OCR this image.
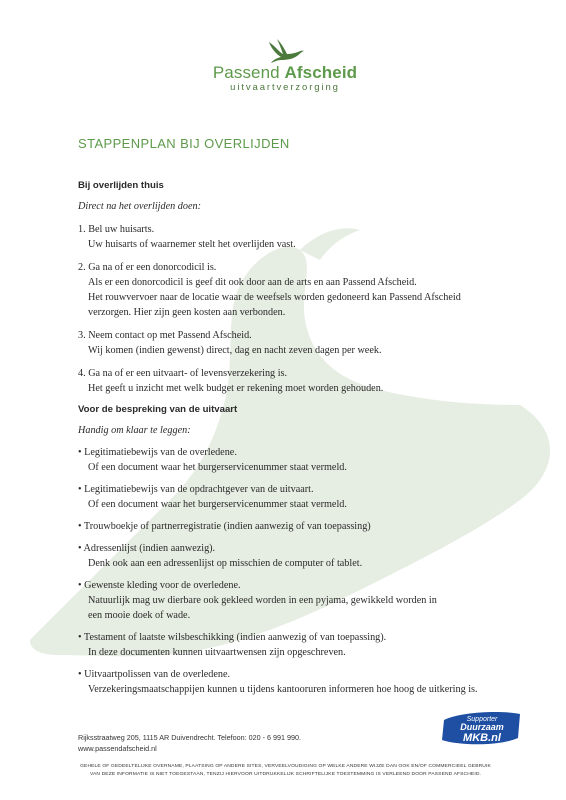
Passend Afscheid
uitvaartverzorging
STAPPENPLAN BIJ OVERLIJDEN

Bij overlijden thuis

Direct na het overlijden doen:

1. Bel uw huisarts.
Uw huisarts of waarnemer stelt het overlijden vast.
2. Ga na of er een donorcodicil is.
Als er een donorcodicil is geef dit ook door aan de arts en aan Passend Afscheid.
Het rouwvervoer naar de locatie waar de weefsels worden gedoneerd kan Passend Afscheid
verzorgen. Hier zijn geen kosten aan verbonden.
3. Neem contact op met Passend Afscheid.
Wij komen (indien gewenst) direct, dag en nacht zeven dagen per week.
4. Ga na of er een uitvaart- of levensverzekering is.
Het geeft u inzicht met welk budget er rekening moet worden gehouden.

Voor de bespreking van de uitvaart

Handig om klaar te leggen:

• Legitimatiebewijs van de overledene.
Of een document waar het burgerservicenummer staat vermeld.
• Legitimatiebewijs van de opdrachtgever van de uitvaart.
Of een document waar het burgerservicenummer staat vermeld.
• Trouwboekje of partnerregistratie (indien aanwezig of van toepassing)
• Adressenlijst (indien aanwezig).
Denk ook aan een adressenlijst op misschien de computer of tablet.
• Gewenste kleding voor de overledene.
Natuurlijk mag uw dierbare ook gekleed worden in een pyjama, gewikkeld worden in
een mooie doek of wade.
• Testament of laatste wilsbeschikking (indien aanwezig of van toepassing).
In deze documenten kunnen uitvaartwensen zijn opgeschreven.
• Uitvaartpolissen van de overledene.
Verzekeringsmaatschappijen kunnen u tijdens kantooruren informeren hoe hoog de uitkering is.
Rijksstraatweg 205, 1115 AR Duivendrecht. Telefoon: 020 - 6 991 990.
www.passendafscheid.nl
Supporter
Duurzaam
MKB.nl
GEHELE OF GEDEELTELIJKE OVERNAME, PLAATSING OP ANDERE SITES, VERVEELVOUDIGING OP WELKE ANDERE WIJZE DAN OOK EN/OF COMMERCIEEL GEBRUIK
VAN DEZE INFORMATIE IS NIET TOEGESTAAN, TENZIJ HIERVOOR UITDRUKKELIJK SCHRIFTELIJKE TOESTEMMING IS VERLEEND DOOR PASSEND AFSCHEID.
